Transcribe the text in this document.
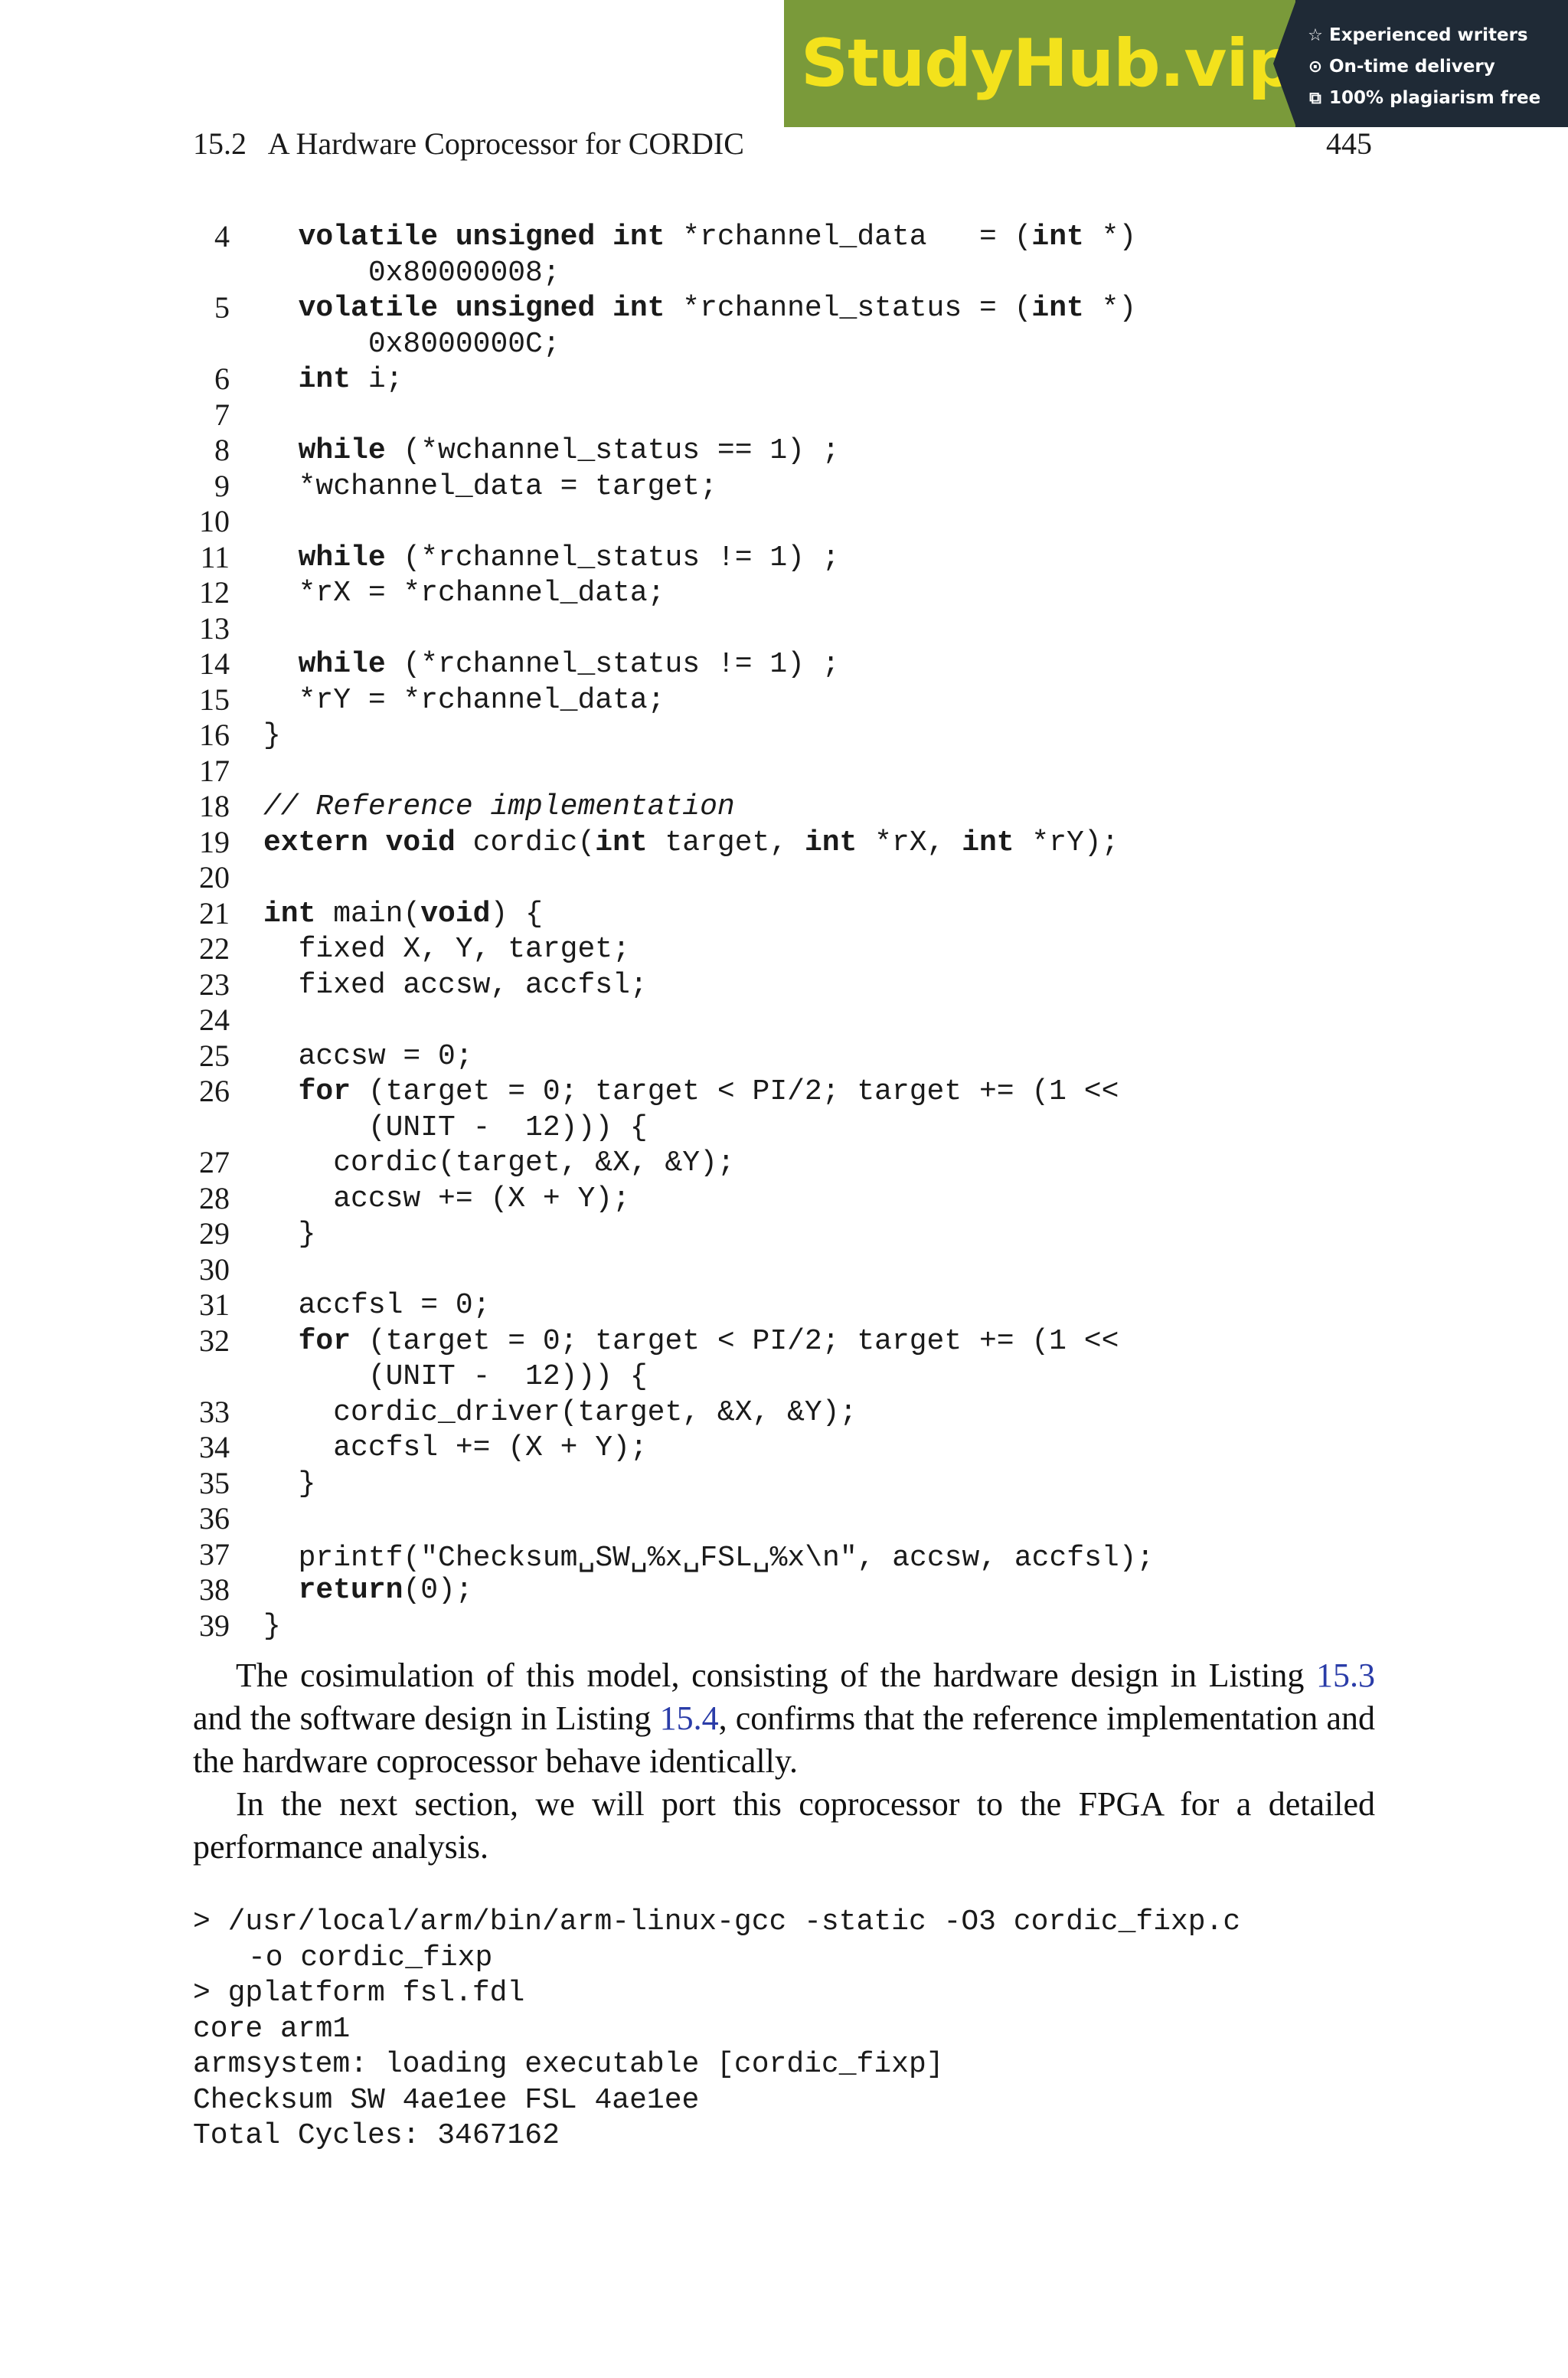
StudyHub.vip ☆ Experienced writers
⊙ On-time delivery
⧉ 100% plagiarism free
15.2   A Hardware Coprocessor for CORDIC	445
4	volatile unsigned int *rchannel_data   = (int *)
0x80000008;
5	volatile unsigned int *rchannel_status = (int *)
0x8000000C;
6	int i;
7
8	while (*wchannel_status == 1) ;
9 *wchannel_data = target;
10
11	while (*rchannel_status != 1) ;
12 *rX = *rchannel_data;
13
14	while (*rchannel_status != 1) ;
15 *rY = *rchannel_data;
16 }
17
18 // Reference implementation
19 extern void cordic(int target, int *rX, int *rY);
20
21 int main(void) {
22 fixed X, Y, target;
23 fixed accsw, accfsl;
24
25 accsw = 0;
26	for (target = 0; target < PI/2; target += (1 <<
(UNIT -  12))) {
27 cordic(target, &X, &Y);
28 accsw += (X + Y);
29 }
30
31 accfsl = 0;
32	for (target = 0; target < PI/2; target += (1 <<
(UNIT -  12))) {
33 cordic_driver(target, &X, &Y);
34 accfsl += (X + Y);
35 }
36
37 printf("Checksum␣SW␣%x␣FSL␣%x\n", accsw, accfsl);
38	return(0);
39 }

The cosimulation of this model, consisting of the hardware design in Listing 15.3 and the software design in Listing 15.4, confirms that the reference implementation and the hardware coprocessor behave identically.

In the next section, we will port this coprocessor to the FPGA for a detailed performance analysis.

> /usr/local/arm/bin/arm-linux-gcc -static -O3 cordic_fixp.c
-o cordic_fixp
> gplatform fsl.fdl
core arm1
armsystem: loading executable [cordic_fixp]
Checksum SW 4ae1ee FSL 4ae1ee
Total Cycles: 3467162
